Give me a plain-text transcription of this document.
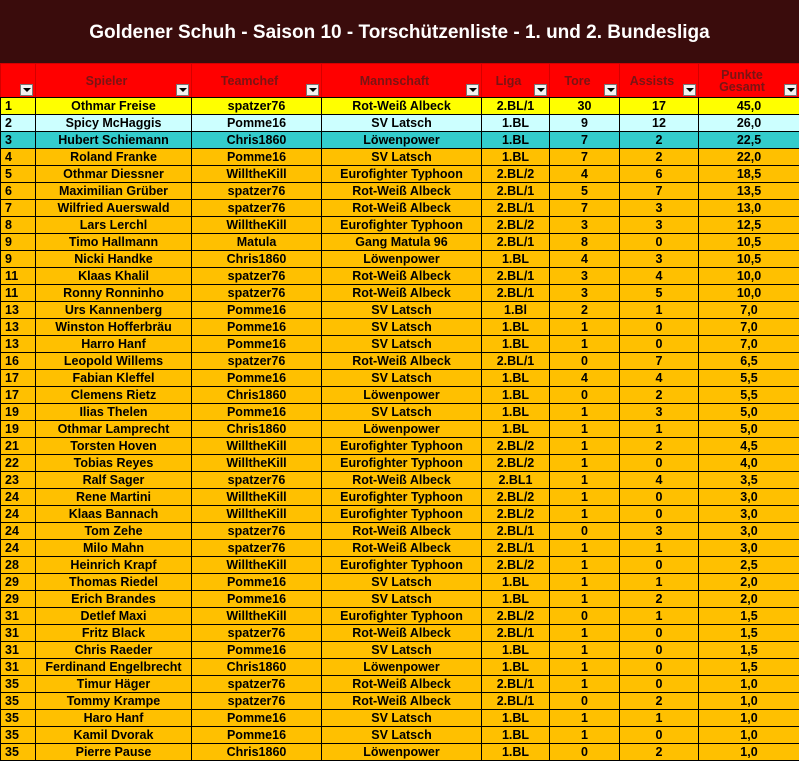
Goldener Schuh - Saison 10 - Torschützenliste - 1. und 2. Bundesliga

	Spieler	Teamchef	Mannschaft	Liga	Tore	Assists	Punkte
Gesamt

1	Othmar Freise	spatzer76	Rot-Weiß Albeck	2.BL/1	30	17	45,0
2	Spicy McHaggis	Pomme16	SV Latsch	1.BL	9	12	26,0
3	Hubert Schiemann	Chris1860	Löwenpower	1.BL	7	2	22,5
4	Roland Franke	Pomme16	SV Latsch	1.BL	7	2	22,0
5	Othmar Diessner	WilltheKill	Eurofighter Typhoon	2.BL/2	4	6	18,5
6	Maximilian Grüber	spatzer76	Rot-Weiß Albeck	2.BL/1	5	7	13,5
7	Wilfried Auerswald	spatzer76	Rot-Weiß Albeck	2.BL/1	7	3	13,0
8	Lars Lerchl	WilltheKill	Eurofighter Typhoon	2.BL/2	3	3	12,5
9	Timo Hallmann	Matula	Gang Matula 96	2.BL/1	8	0	10,5
9	Nicki Handke	Chris1860	Löwenpower	1.BL	4	3	10,5
11	Klaas Khalil	spatzer76	Rot-Weiß Albeck	2.BL/1	3	4	10,0
11	Ronny Ronninho	spatzer76	Rot-Weiß Albeck	2.BL/1	3	5	10,0
13	Urs Kannenberg	Pomme16	SV Latsch	1.Bl	2	1	7,0
13	Winston Hofferbräu	Pomme16	SV Latsch	1.BL	1	0	7,0
13	Harro Hanf	Pomme16	SV Latsch	1.BL	1	0	7,0
16	Leopold Willems	spatzer76	Rot-Weiß Albeck	2.BL/1	0	7	6,5
17	Fabian Kleffel	Pomme16	SV Latsch	1.BL	4	4	5,5
17	Clemens Rietz	Chris1860	Löwenpower	1.BL	0	2	5,5
19	Ilias Thelen	Pomme16	SV Latsch	1.BL	1	3	5,0
19	Othmar Lamprecht	Chris1860	Löwenpower	1.BL	1	1	5,0
21	Torsten Hoven	WilltheKill	Eurofighter Typhoon	2.BL/2	1	2	4,5
22	Tobias Reyes	WilltheKill	Eurofighter Typhoon	2.BL/2	1	0	4,0
23	Ralf Sager	spatzer76	Rot-Weiß Albeck	2.BL1	1	4	3,5
24	Rene Martini	WilltheKill	Eurofighter Typhoon	2.BL/2	1	0	3,0
24	Klaas Bannach	WilltheKill	Eurofighter Typhoon	2.BL/2	1	0	3,0
24	Tom Zehe	spatzer76	Rot-Weiß Albeck	2.BL/1	0	3	3,0
24	Milo Mahn	spatzer76	Rot-Weiß Albeck	2.BL/1	1	1	3,0
28	Heinrich Krapf	WilltheKill	Eurofighter Typhoon	2.BL/2	1	0	2,5
29	Thomas Riedel	Pomme16	SV Latsch	1.BL	1	1	2,0
29	Erich Brandes	Pomme16	SV Latsch	1.BL	1	2	2,0
31	Detlef Maxi	WilltheKill	Eurofighter Typhoon	2.BL/2	0	1	1,5
31	Fritz Black	spatzer76	Rot-Weiß Albeck	2.BL/1	1	0	1,5
31	Chris Raeder	Pomme16	SV Latsch	1.BL	1	0	1,5
31	Ferdinand Engelbrecht	Chris1860	Löwenpower	1.BL	1	0	1,5
35	Timur Häger	spatzer76	Rot-Weiß Albeck	2.BL/1	1	0	1,0
35	Tommy Krampe	spatzer76	Rot-Weiß Albeck	2.BL/1	0	2	1,0
35	Haro Hanf	Pomme16	SV Latsch	1.BL	1	1	1,0
35	Kamil Dvorak	Pomme16	SV Latsch	1.BL	1	0	1,0
35	Pierre Pause	Chris1860	Löwenpower	1.BL	0	2	1,0
